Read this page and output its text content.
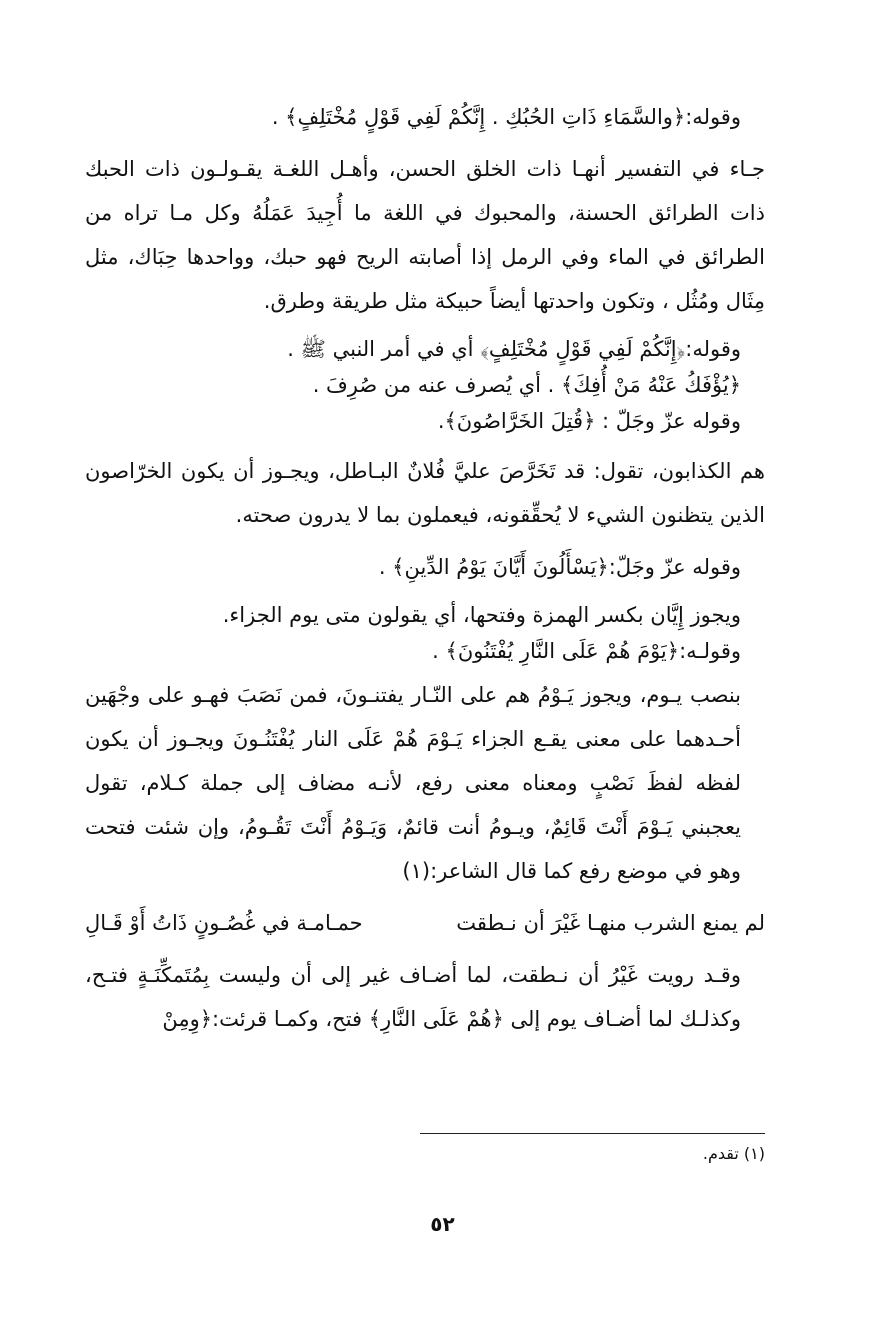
وقوله:﴿والسَّمَاءِ ذَاتِ الحُبُكِ . إِنَّكُمْ لَفِي قَوْلٍ مُخْتَلِفٍ﴾ .

جـاء في التفسير أنهـا ذات الخلق الحسن، وأهـل اللغـة يقـولـون ذات الحبك ذات الطرائق الحسنة، والمحبوك في اللغة ما أُجِيدَ عَمَلُهُ وكل مـا تراه من الطرائق في الماء وفي الرمل إذا أصابته الريح فهو حبك، وواحدها حِبَاك، مثل مِثَال ومُثُل ، وتكون واحدتها أيضاً حبيكة مثل طريقة وطرق.

وقوله:﴿إِنَّكُمْ لَفِي قَوْلٍ مُخْتَلِفٍ﴾ أي في أمر النبي ﷺ .

﴿يُؤْفَكُ عَنْهُ مَنْ أُفِكَ﴾ . أي يُصرف عنه من صُرِفَ .

وقوله عزّ وجَلّ : ﴿قُتِلَ الخَرَّاصُونَ﴾.

هم الكذابون، تقول: قد تَخَرَّصَ عليَّ فُلانٌ البـاطل، ويجـوز أن يكون الخرّاصون الذين يتظنون الشيء لا يُحقِّقونه، فيعملون بما لا يدرون صحته.

وقوله عزّ وجَلّ:﴿يَسْأَلُونَ أَيَّانَ يَوْمُ الدِّينِ﴾ .

ويجوز إِيَّان بكسر الهمزة وفتحها، أي يقولون متى يوم الجزاء.

وقولـه:﴿يَوْمَ هُمْ عَلَى النَّارِ يُفْتَنُونَ﴾ .

بنصب يـوم، ويجوز يَـوْمُ هم على النّـار يفتنـونَ، فمن نَصَبَ فهـو على وجْهَين أحـدهما على معنى يقـع الجزاء يَـوْمَ هُمْ عَلَى النار يُفْتَنُـونَ ويجـوز أن يكون لفظه لفظَ نَصْبٍ ومعناه معنى رفع، لأنـه مضاف إلى جملة كـلام، تقول يعجبني يَـوْمَ أَنْتَ قَائِمٌ، ويـومُ أنت قائمٌ، وَيَـوْمُ أَنْتَ تَقُـومُ، وإن شئت فتحت وهو في موضع رفع كما قال الشاعر:(١)

لم يمنع الشرب منهـا غَيْرَ أن نـطقت
حمـامـة في غُصُـونٍ ذَاتُ أَوْ قَـالِ

وقـد رويت غَيْرُ أن نـطقت، لما أضـاف غير إلى أن وليست بِمُتَمكِّنَـةٍ فتـح، وكذلـك لما أضـاف يوم إلى ﴿هُمْ عَلَى النَّارِ﴾ فتح، وكمـا قرئت:﴿وِمِنْ

(١) تقدم.
٥٢
